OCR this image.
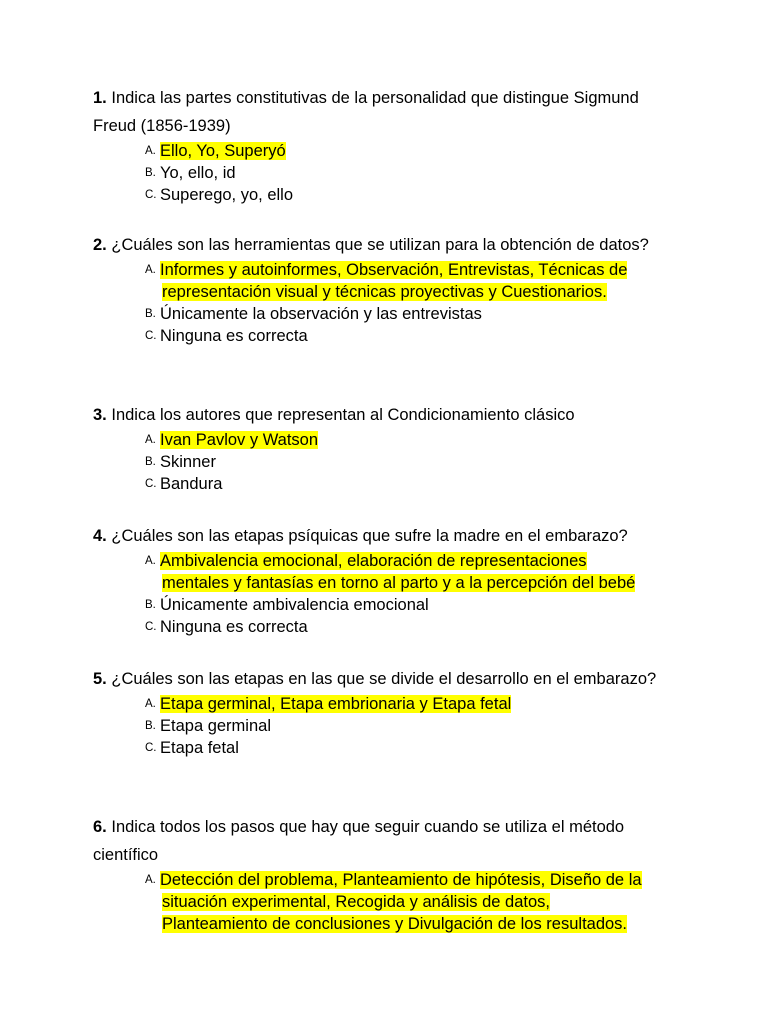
1. Indica las partes constitutivas de la personalidad que distingue Sigmund Freud (1856-1939)

A. Ello, Yo, Superyó
B. Yo, ello, id
C. Superego, yo, ello

2. ¿Cuáles son las herramientas que se utilizan para la obtención de datos?

A. Informes y autoinformes, Observación, Entrevistas, Técnicas de
representación visual y técnicas proyectivas y Cuestionarios.
B. Únicamente la observación y las entrevistas
C. Ninguna es correcta

3. Indica los autores que representan al Condicionamiento clásico

A. Ivan Pavlov y Watson
B. Skinner
C. Bandura

4. ¿Cuáles son las etapas psíquicas que sufre la madre en el embarazo?

A. Ambivalencia emocional, elaboración de representaciones
mentales y fantasías en torno al parto y a la percepción del bebé
B. Únicamente ambivalencia emocional
C. Ninguna es correcta

5. ¿Cuáles son las etapas en las que se divide el desarrollo en el embarazo?

A. Etapa germinal, Etapa embrionaria y Etapa fetal
B. Etapa germinal
C. Etapa fetal

6. Indica todos los pasos que hay que seguir cuando se utiliza el método científico

A. Detección del problema, Planteamiento de hipótesis, Diseño de la
situación experimental, Recogida y análisis de datos,
Planteamiento de conclusiones y Divulgación de los resultados.
